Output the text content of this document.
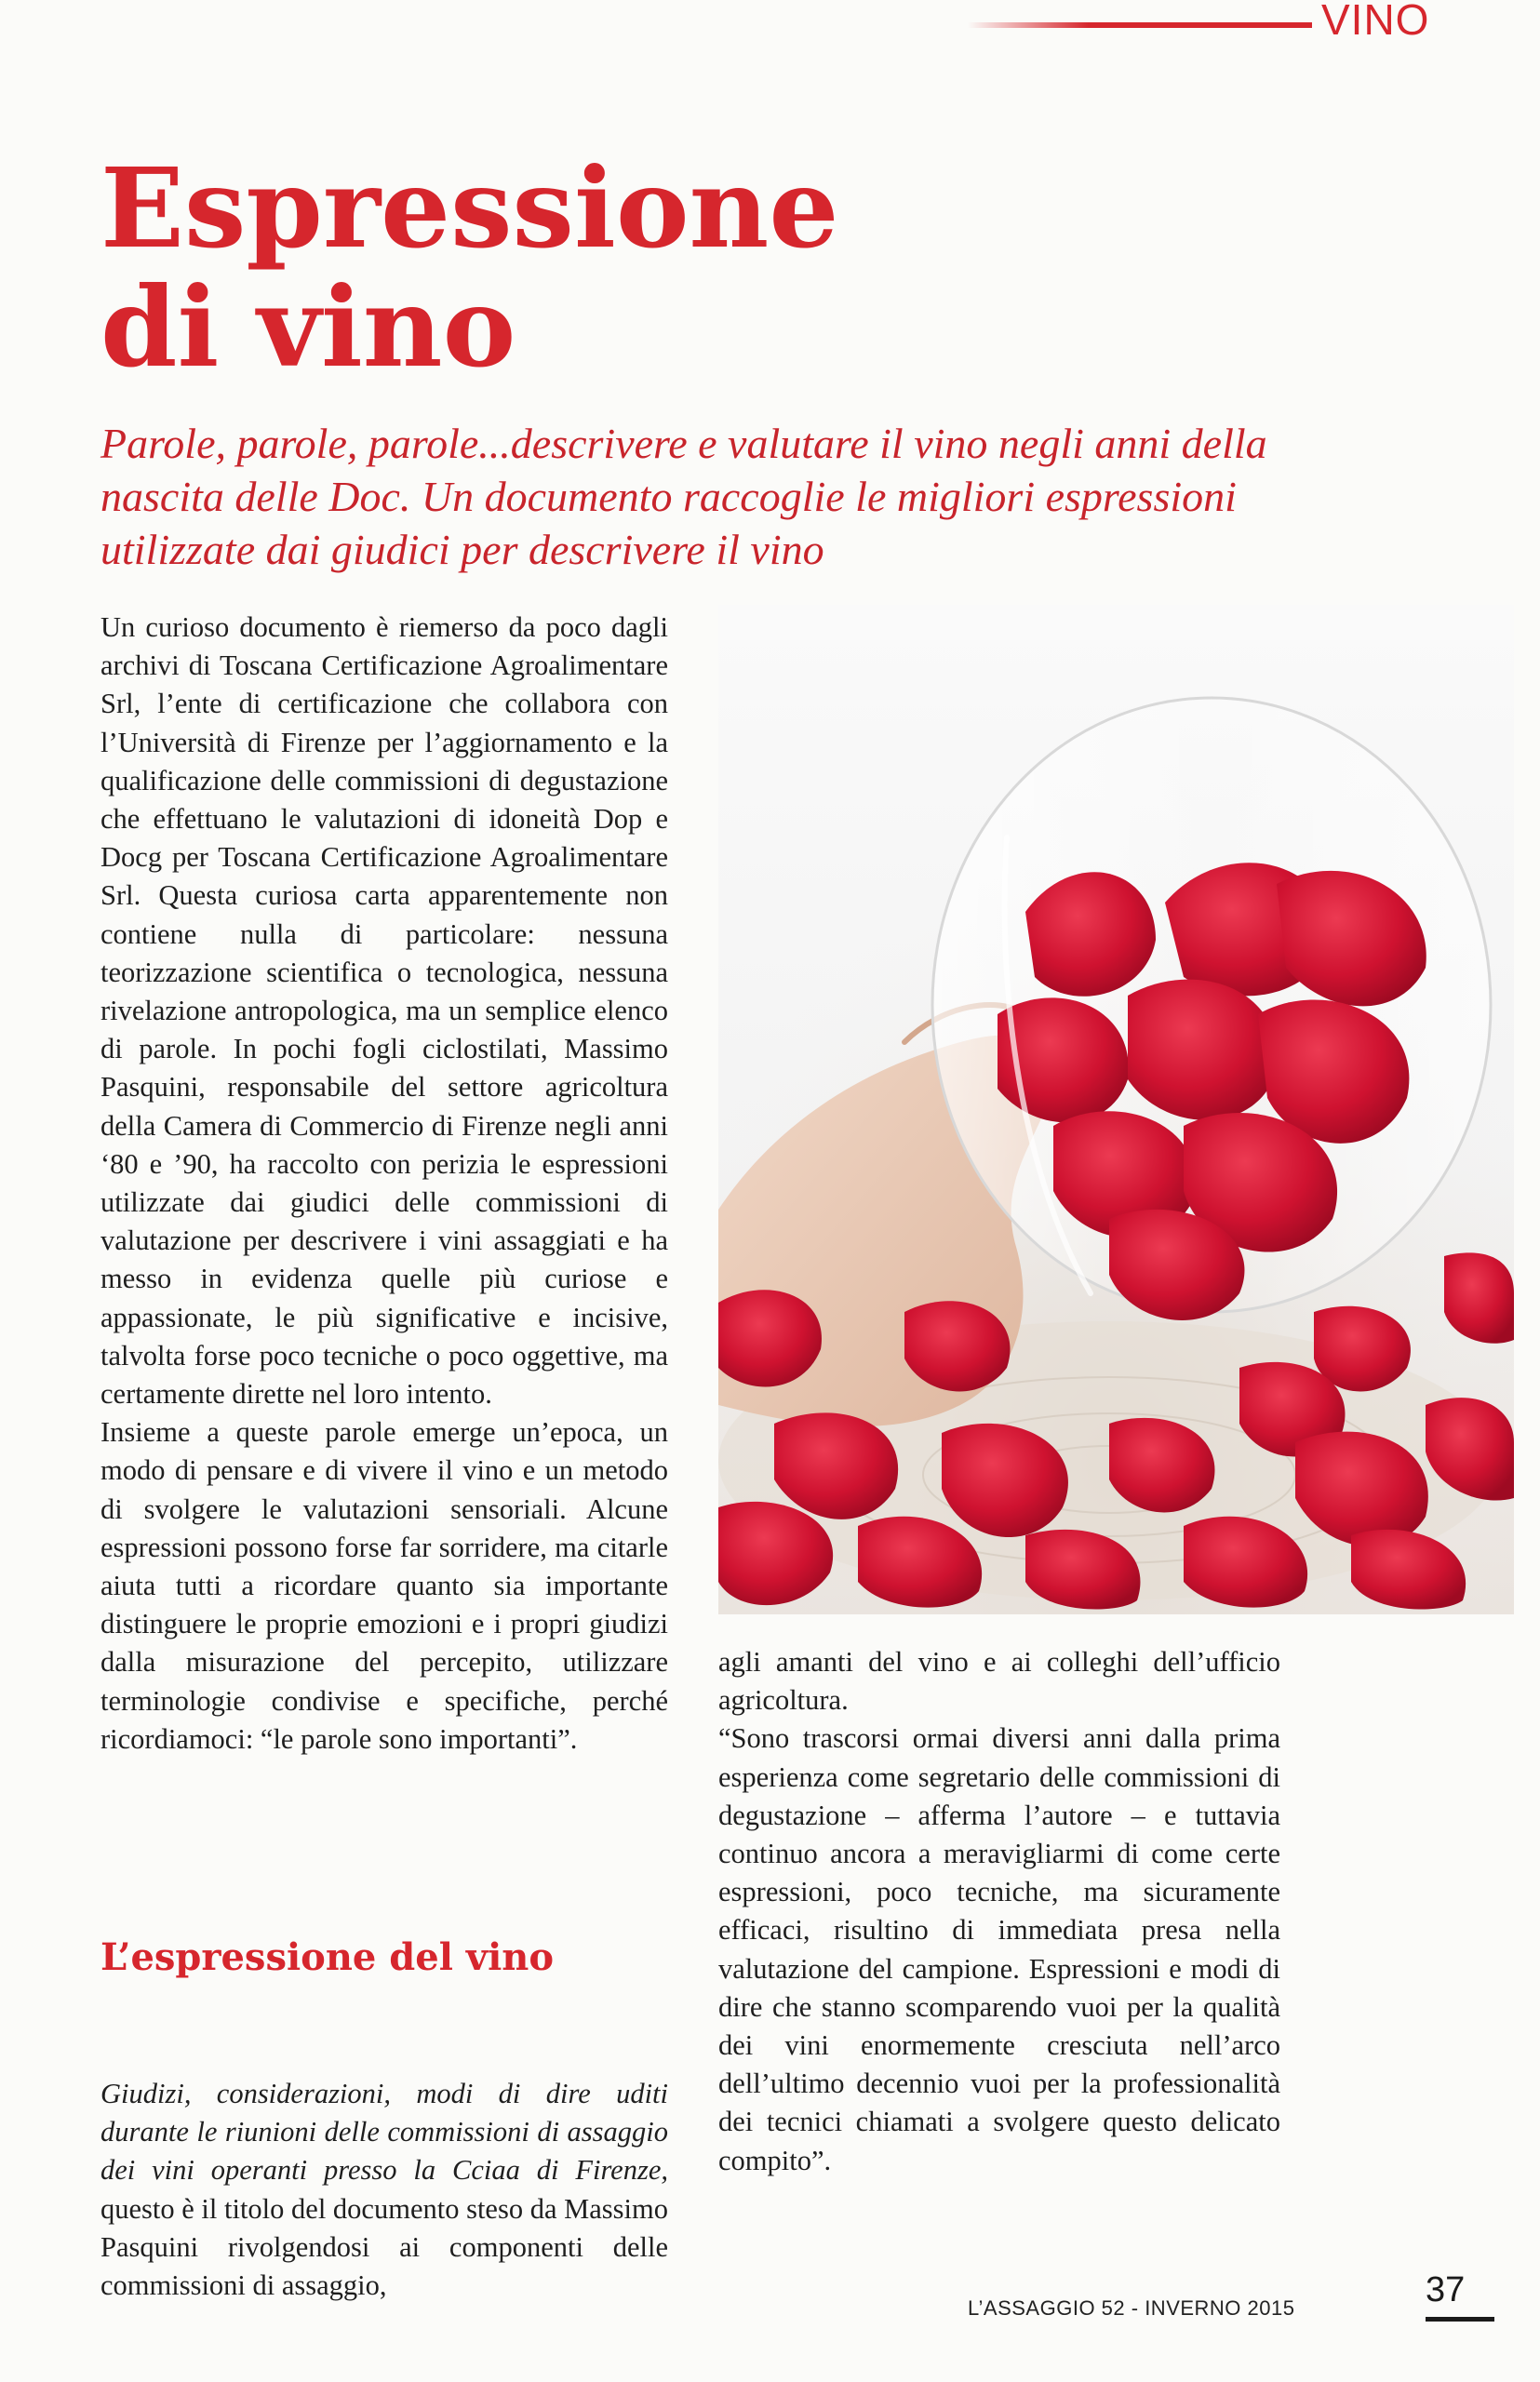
VINO
Espressione
di vino

Parole, parole, parole...descrivere e valutare il vino negli anni della nascita delle Doc. Un documento raccoglie le migliori espressioni utilizzate dai giudici per descrivere il vino

Un curioso documento è riemerso da poco dagli archivi di Toscana Certificazione Agroalimentare Srl, l’ente di certificazione che collabora con l’Università di Firenze per l’aggiornamento e la qualificazione delle commissioni di degustazione che effettuano le valutazioni di idoneità Dop e Docg per Toscana Certificazione Agroalimentare Srl. Questa curiosa carta apparentemente non contiene nulla di particolare: nessuna teorizzazione scientifica o tecnologica, nessuna rivelazione antropologica, ma un semplice elenco di parole. In pochi fogli ciclostilati, Massimo Pasquini, responsabile del settore agricoltura della Camera di Commercio di Firenze negli anni ‘80 e ’90, ha raccolto con perizia le espressioni utilizzate dai giudici delle commissioni di valutazione per descrivere i vini assaggiati e ha messo in evidenza quelle più curiose e appassionate, le più significative e incisive, talvolta forse poco tecniche o poco oggettive, ma certamente dirette nel loro intento.

Insieme a queste parole emerge un’epoca, un modo di pensare e di vivere il vino e un metodo di svolgere le valutazioni sensoriali. Alcune espressioni possono forse far sorridere, ma citarle aiuta tutti a ricordare quanto sia importante distinguere le proprie emozioni e i propri giudizi dalla misurazione del percepito, utilizzare terminologie condivise e specifiche, perché ricordiamoci: “le parole sono importanti”.

L’espressione del vino

Giudizi, considerazioni, modi di dire uditi durante le riunioni delle commissioni di assaggio dei vini operanti presso la Cciaa di Firenze, questo è il titolo del documento steso da Massimo Pasquini rivolgendosi ai componenti delle commissioni di assaggio,

agli amanti del vino e ai colleghi dell’ufficio agricoltura.

“Sono trascorsi ormai diversi anni dalla prima esperienza come segretario delle commissioni di degustazione – afferma l’autore – e tuttavia continuo ancora a meravigliarmi di come certe espressioni, poco tecniche, ma sicuramente efficaci, risultino di immediata presa nella valutazione del campione. Espressioni e modi di dire che stanno scomparendo vuoi per la qualità dei vini enormemente cresciuta nell’arco dell’ultimo decennio vuoi per la professionalità dei tecnici chiamati a svolgere questo delicato compito”.

L’ASSAGGIO 52 - INVERNO 2015	37
